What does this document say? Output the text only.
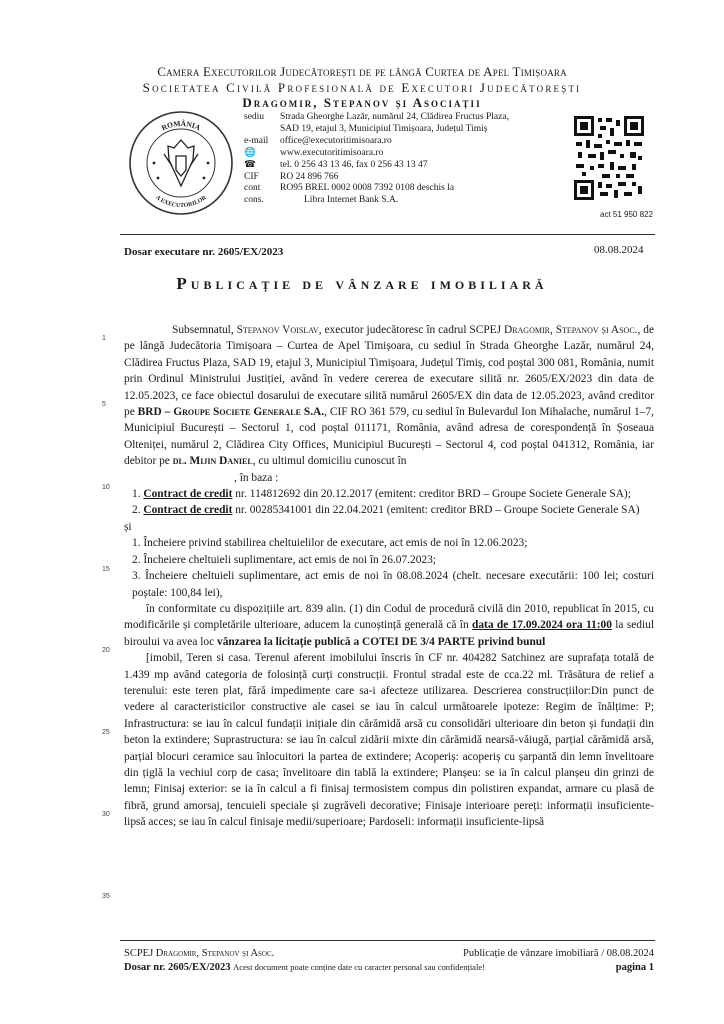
Camera Executorilor Judecătorești de pe lângă Curtea de Apel Timișoara
Societatea Civilă Profesională de Executori Judecătorești
Dragomir, Stepanov și Asociații
ROMÂNIA
A EXECUTORILOR
sediu	Strada Gheorghe Lazăr, numărul 24, Clădirea Fructus Plaza,
SAD 19, etajul 3, Municipiul Timișoara, Județul Timiș
e-mail	office@executoritimisoara.ro
🌐	www.executoritimisoara.ro
☎	tel. 0 256 43 13 46, fax 0 256 43 13 47
CIF	RO 24 896 766
cont	RO95 BREL 0002 0008 7392 0108 deschis la
cons.	Libra Internet Bank S.A.
act 51 950 822
Dosar executare nr. 2605/EX/2023	08.08.2024
Publicație de vânzare imobiliară
1
5
10
15
20
25
30
35

Subsemnatul, Stepanov Voislav, executor judecătoresc în cadrul SCPEJ Dragomir, Stepanov și Asoc., de pe lângă Judecătoria Timișoara – Curtea de Apel Timișoara, cu sediul în Strada Gheorghe Lazăr, numărul 24, Clădirea Fructus Plaza, SAD 19, etajul 3, Municipiul Timișoara, Județul Timiș, cod poștal 300 081, România, numit prin Ordinul Ministrului Justiției, având în vedere cererea de executare silită nr. 2605/EX/2023 din data de 12.05.2023, ce face obiectul dosarului de executare silită numărul 2605/EX din data de 12.05.2023, având creditor pe BRD – Groupe Societe Generale S.A., CIF RO 361 579, cu sediul în Bulevardul Ion Mihalache, numărul 1–7, Municipiul București – Sectorul 1, cod poștal 011171, România, având adresa de corespondență în Șoseaua Olteniței, numărul 2, Clădirea City Offices, Municipiul București – Sectorul 4, cod poștal 041312, România, iar debitor pe dl. Mijin Daniel, cu ultimul domiciliu cunoscut în

, în baza :

1. Contract de credit nr. 114812692 din 20.12.2017 (emitent: creditor BRD – Groupe Societe Generale SA);

2. Contract de credit nr. 00285341001 din 22.04.2021 (emitent: creditor BRD – Groupe Societe Generale SA)

și

1. Încheiere privind stabilirea cheltuielilor de executare, act emis de noi în 12.06.2023;

2. Încheiere cheltuieli suplimentare, act emis de noi în 26.07.2023;

3. Încheiere cheltuieli suplimentare, act emis de noi în 08.08.2024 (chelt. necesare executării: 100 lei; costuri poștale: 100,84 lei),

în conformitate cu dispozițiile art. 839 alin. (1) din Codul de procedură civilă din 2010, republicat în 2015, cu modificările și completările ulterioare, aducem la cunoștință generală că în data de 17.09.2024 ora 11:00 la sediul biroului va avea loc vânzarea la licitație publică a COTEI DE 3/4 PARTE privind bunul

[imobil, Teren si casa. Terenul aferent imobilului înscris în CF nr. 404282 Satchinez are suprafața totală de 1.439 mp având categoria de folosință curți construcții. Frontul stradal este de cca.22 ml. Trăsătura de relief a terenului: este teren plat, fără impedimente care sa-i afecteze utilizarea. Descrierea construcțiilor:Din punct de vedere al caracteristicilor constructive ale casei se iau în calcul următoarele ipoteze: Regim de înălțime: P; Infrastructura: se iau în calcul fundații inițiale din cărămidă arsă cu consolidări ulterioare din beton și fundații din beton la extindere; Suprastructura: se iau în calcul zidării mixte din cărămidă nearsă-văiugă, parțial cărămidă arsă, parțial blocuri ceramice sau înlocuitori la partea de extindere; Acoperiș: acoperiș cu șarpantă din lemn învelitoare din țiglă la vechiul corp de casa; învelitoare din tablă la extindere; Planșeu: se ia în calcul planșeu din grinzi de lemn; Finisaj exterior: se ia în calcul a fi finisaj termosistem compus din polistiren expandat, armare cu plasă de fibră, grund amorsaj, tencuieli speciale și zugrăveli decorative; Finisaje interioare pereți: informații insuficiente-lipsă acces; se iau în calcul finisaje medii/superioare; Pardoseli: informații insuficiente-lipsă

SCPEJ Dragomir, Stepanov și Asoc.	Publicație de vânzare imobiliară / 08.08.2024
Dosar nr. 2605/EX/2023 Acest document poate conține date cu caracter personal sau confidențiale!	pagina 1
